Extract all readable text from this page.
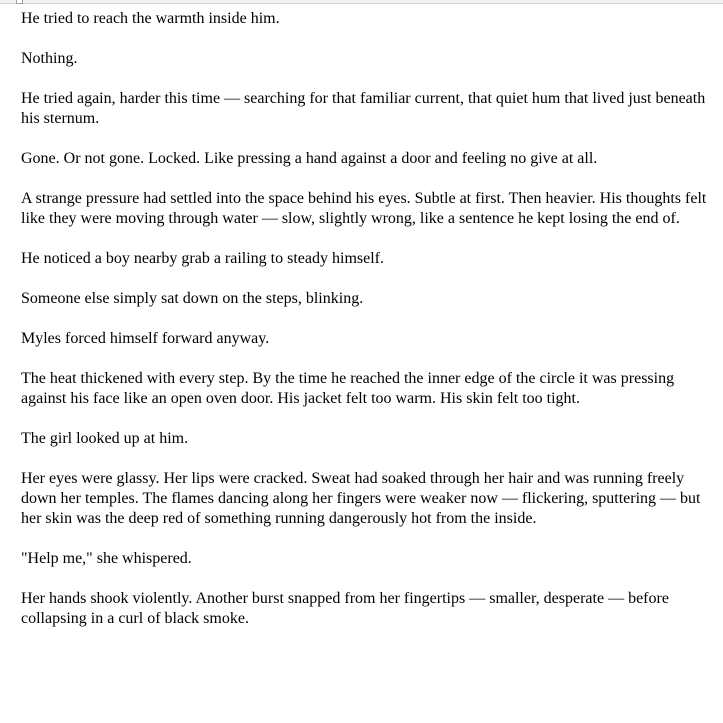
He tried to reach the warmth inside him.

Nothing.

He tried again, harder this time — searching for that familiar current, that quiet hum that lived just beneath his sternum.

Gone. Or not gone. Locked. Like pressing a hand against a door and feeling no give at all.

A strange pressure had settled into the space behind his eyes. Subtle at first. Then heavier. His thoughts felt like they were moving through water — slow, slightly wrong, like a sentence he kept losing the end of.

He noticed a boy nearby grab a railing to steady himself.

Someone else simply sat down on the steps, blinking.

Myles forced himself forward anyway.

The heat thickened with every step. By the time he reached the inner edge of the circle it was pressing against his face like an open oven door. His jacket felt too warm. His skin felt too tight.

The girl looked up at him.

Her eyes were glassy. Her lips were cracked. Sweat had soaked through her hair and was running freely down her temples. The flames dancing along her fingers were weaker now — flickering, sputtering — but her skin was the deep red of something running dangerously hot from the inside.

"Help me," she whispered.

Her hands shook violently. Another burst snapped from her fingertips — smaller, desperate — before collapsing in a curl of black smoke.
